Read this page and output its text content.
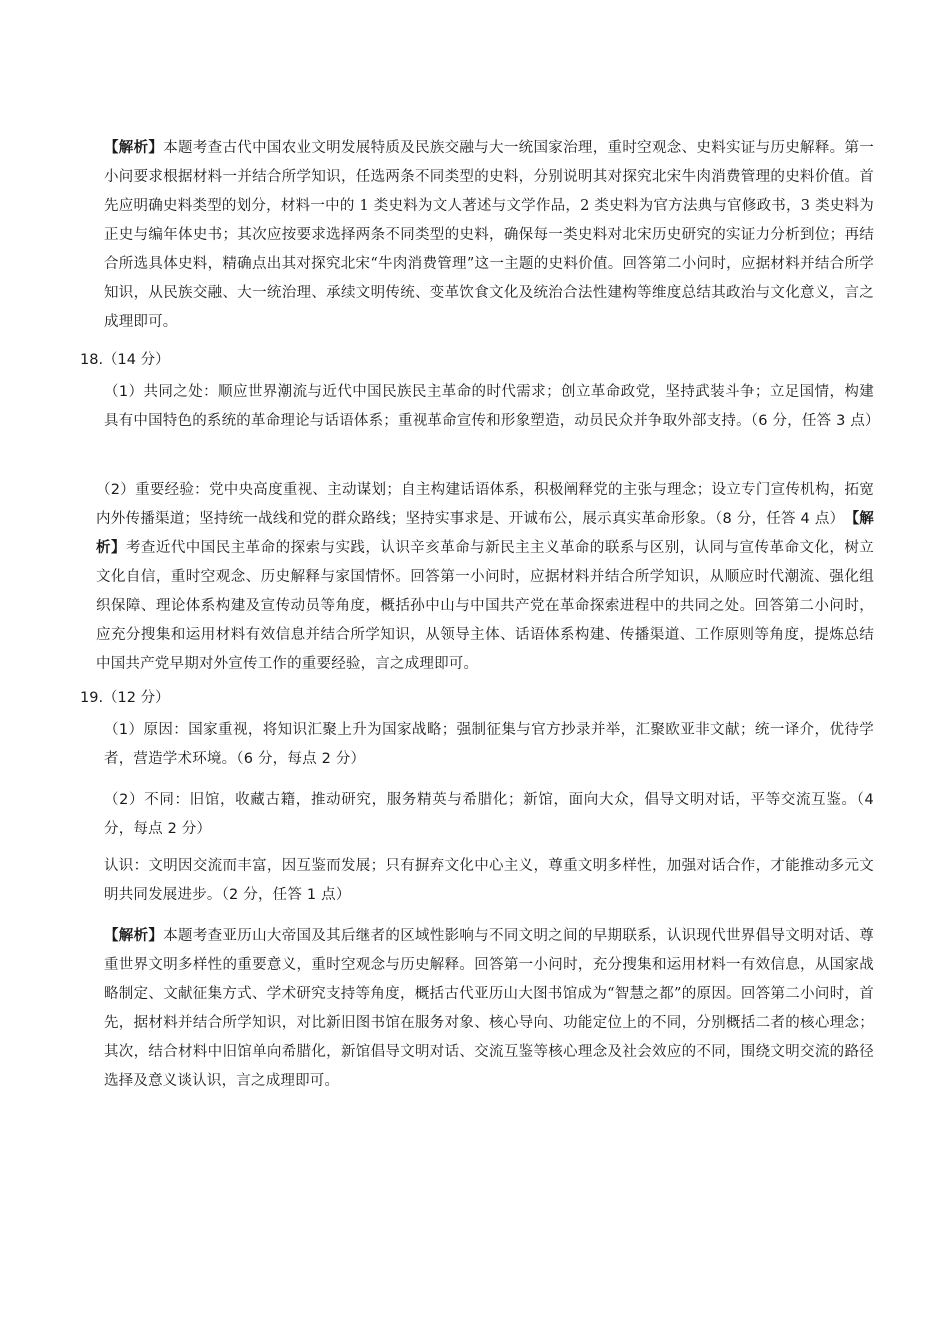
【解析】本题考查古代中国农业文明发展特质及民族交融与大一统国家治理，重时空观念、史料实证与历史解释。第一小问要求根据材料一并结合所学知识，任选两条不同类型的史料，分别说明其对探究北宋牛肉消费管理的史料价值。首先应明确史料类型的划分，材料一中的 1 类史料为文人著述与文学作品，2 类史料为官方法典与官修政书，3 类史料为正史与编年体史书；其次应按要求选择两条不同类型的史料，确保每一类史料对北宋历史研究的实证力分析到位；再结合所选具体史料，精确点出其对探究北宋“牛肉消费管理”这一主题的史料价值。回答第二小问时，应据材料并结合所学知识，从民族交融、大一统治理、承续文明传统、变革饮食文化及统治合法性建构等维度总结其政治与文化意义，言之成理即可。
18.（14 分）
（1）共同之处：顺应世界潮流与近代中国民族民主革命的时代需求；创立革命政党，坚持武装斗争；立足国情，构建具有中国特色的系统的革命理论与话语体系；重视革命宣传和形象塑造，动员民众并争取外部支持。（6 分，任答 3 点）
（2）重要经验：党中央高度重视、主动谋划；自主构建话语体系，积极阐释党的主张与理念；设立专门宣传机构，拓宽内外传播渠道；坚持统一战线和党的群众路线；坚持实事求是、开诚布公，展示真实革命形象。（8 分，任答 4 点）　 【解析】考查近代中国民主革命的探索与实践，认识辛亥革命与新民主主义革命的联系与区别，认同与宣传革命文化，树立文化自信，重时空观念、历史解释与家国情怀。回答第一小问时，应据材料并结合所学知识，从顺应时代潮流、强化组织保障、理论体系构建及宣传动员等角度，概括孙中山与中国共产党在革命探索进程中的共同之处。回答第二小问时，应充分搜集和运用材料有效信息并结合所学知识，从领导主体、话语体系构建、传播渠道、工作原则等角度，提炼总结中国共产党早期对外宣传工作的重要经验，言之成理即可。
19.（12 分）
（1）原因：国家重视，将知识汇聚上升为国家战略；强制征集与官方抄录并举，汇聚欧亚非文献；统一译介，优待学者，营造学术环境。（6 分，每点 2 分）
（2）不同：旧馆，收藏古籍，推动研究，服务精英与希腊化；新馆，面向大众，倡导文明对话，平等交流互鉴。（4 分，每点 2 分）
认识：文明因交流而丰富，因互鉴而发展；只有摒弃文化中心主义，尊重文明多样性，加强对话合作，才能推动多元文明共同发展进步。（2 分，任答 1 点）
【解析】本题考查亚历山大帝国及其后继者的区域性影响与不同文明之间的早期联系，认识现代世界倡导文明对话、尊重世界文明多样性的重要意义，重时空观念与历史解释。回答第一小问时，充分搜集和运用材料一有效信息，从国家战略制定、文献征集方式、学术研究支持等角度，概括古代亚历山大图书馆成为“智慧之都”的原因。回答第二小问时，首先，据材料并结合所学知识，对比新旧图书馆在服务对象、核心导向、功能定位上的不同，分别概括二者的核心理念；其次，结合材料中旧馆单向希腊化，新馆倡导文明对话、交流互鉴等核心理念及社会效应的不同，围绕文明交流的路径选择及意义谈认识，言之成理即可。
